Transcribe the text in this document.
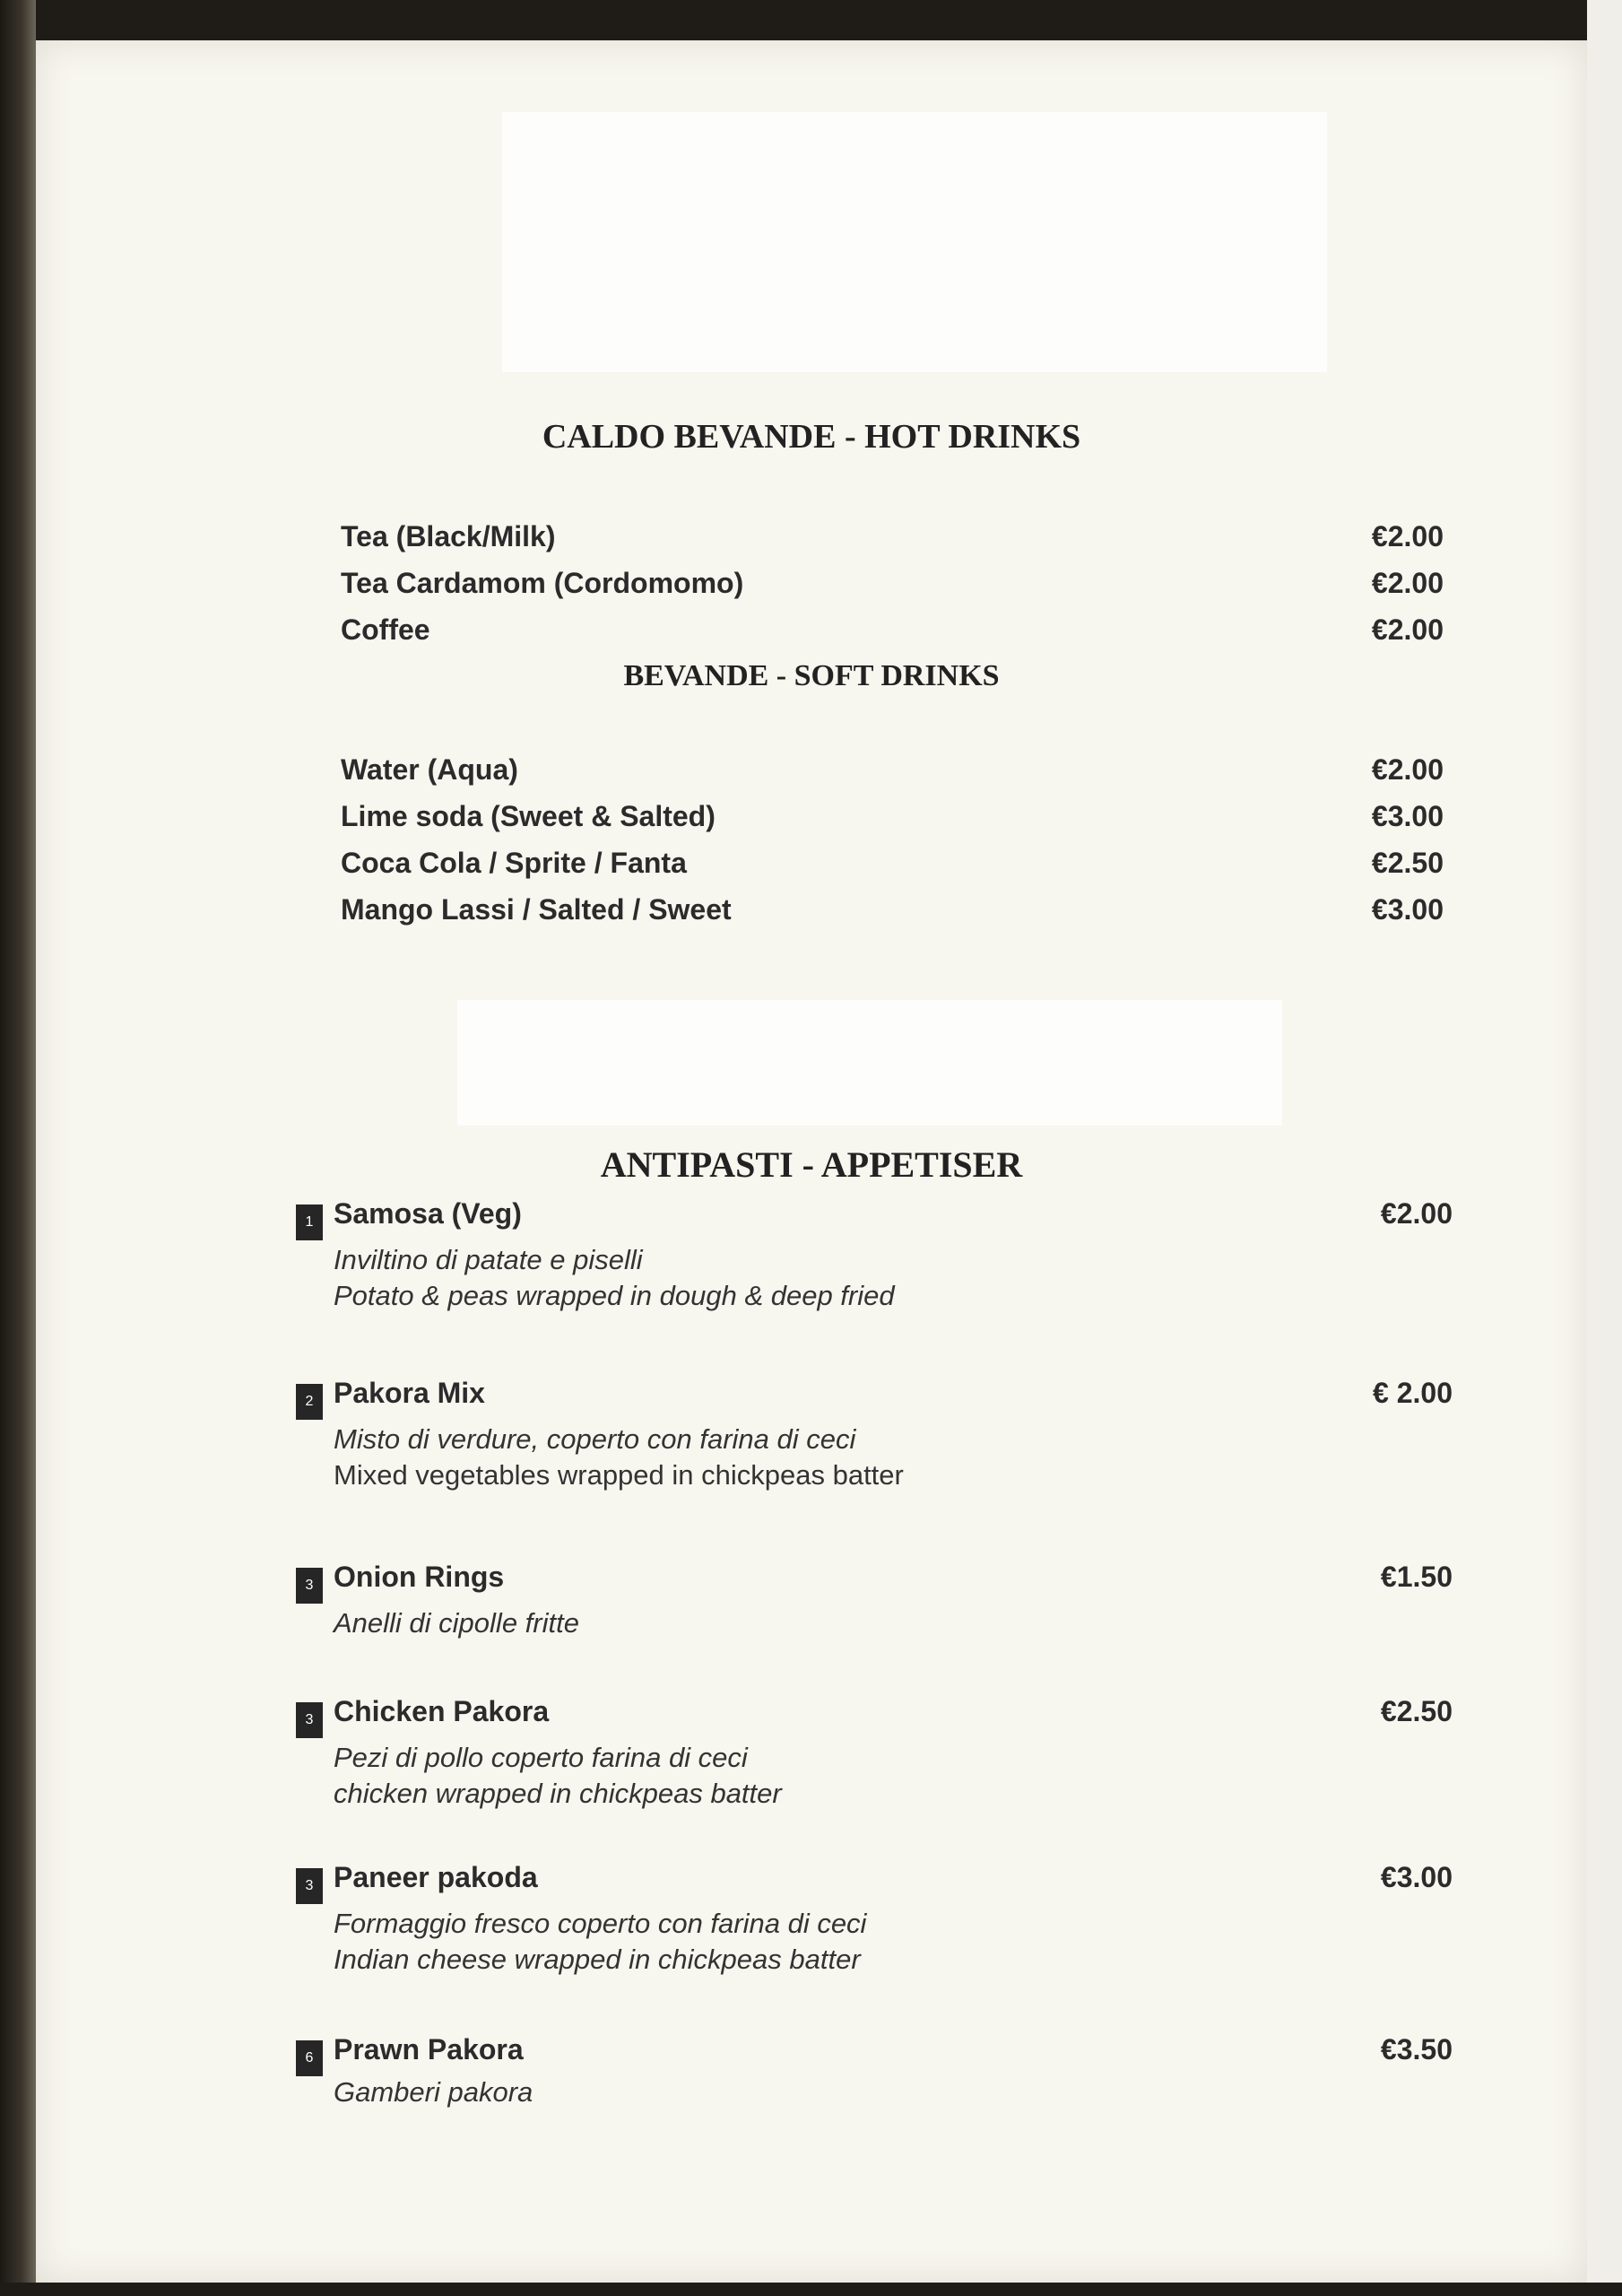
CALDO BEVANDE - HOT DRINKS
Tea (Black/Milk)	€2.00
Tea Cardamom (Cordomomo)	€2.00
Coffee	€2.00
BEVANDE - SOFT DRINKS
Water (Aqua)	€2.00
Lime soda (Sweet & Salted)	€3.00
Coca Cola / Sprite / Fanta	€2.50
Mango Lassi / Salted / Sweet	€3.00
ANTIPASTI - APPETISER
1 Samosa (Veg)	€2.00
Inviltino di patate e piselli
Potato & peas wrapped in dough & deep fried
2 Pakora Mix	€ 2.00
Misto di verdure, coperto con farina di ceci
Mixed vegetables wrapped in chickpeas batter
3 Onion Rings	€1.50
Anelli di cipolle fritte
3 Chicken Pakora	€2.50
Pezi di pollo coperto farina di ceci
chicken wrapped in chickpeas batter
3 Paneer pakoda	€3.00
Formaggio fresco coperto con farina di ceci
Indian cheese wrapped in chickpeas batter
6 Prawn Pakora	€3.50
Gamberi pakora
